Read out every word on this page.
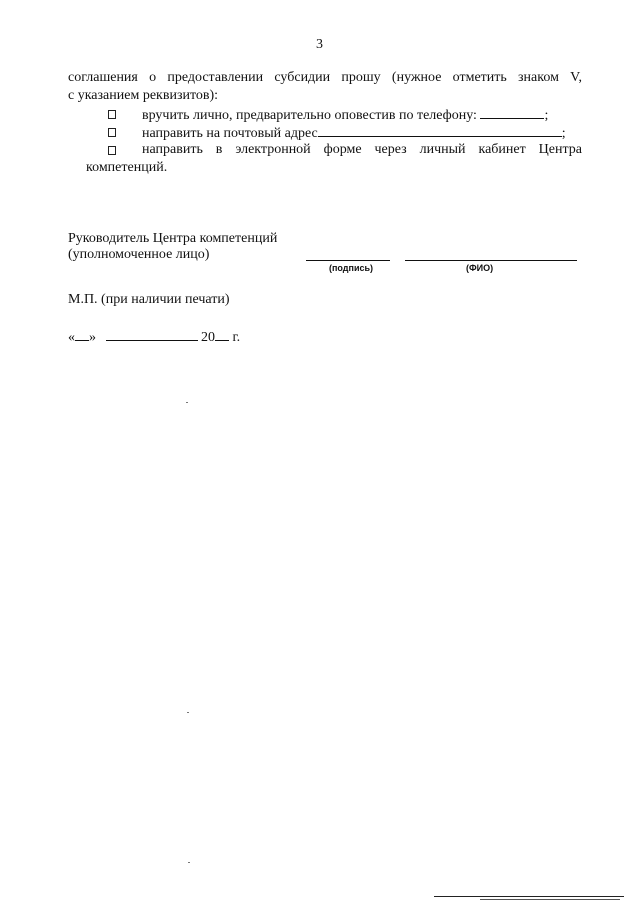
3
соглашения о предоставлении субсидии прошу (нужное отметить знаком V,
с указанием реквизитов):
вручить лично, предварительно оповестив по телефону:	;
направить на почтовый адрес	;
направить в электронной форме через личный кабинет Центра
компетенций.
Руководитель Центра компетенций
(уполномоченное лицо)
(подпись)	(ФИО)
М.П. (при наличии печати)
« »	20 г.
